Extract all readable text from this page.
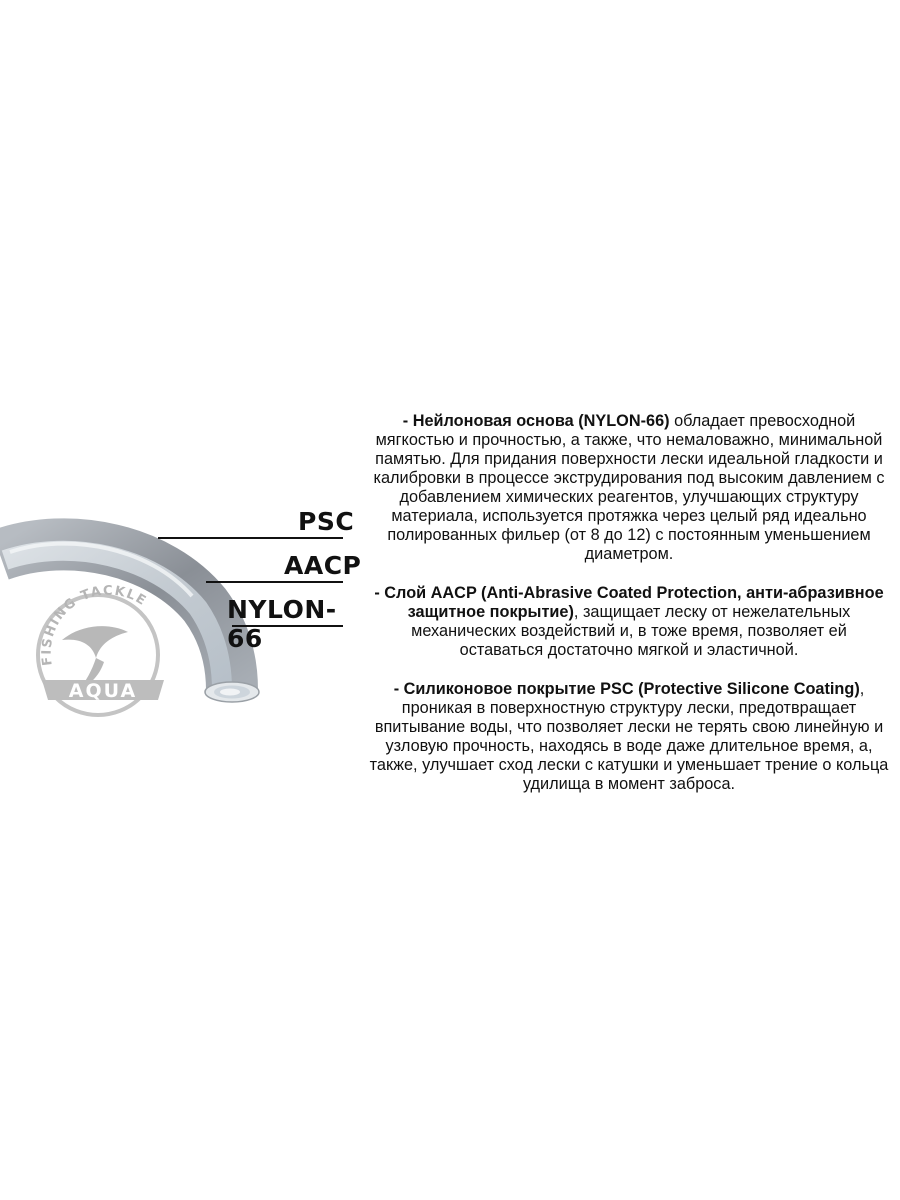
FISHING TACKLE
AQUA
PSC
AACP
NYLON-66

- Нейлоновая основа (NYLON-66) обладает превосходной мягкостью и прочностью, а также, что немаловажно, минимальной памятью. Для придания поверхности лески идеальной гладкости и калибровки в процессе экструдирования под высоким давлением с добавлением химических реагентов, улучшающих структуру материала, используется протяжка через целый ряд идеально полированных фильер (от 8 до 12) с постоянным уменьшением диаметром.

- Слой AACP (Anti-Abrasive Coated Protection, анти-абразивное защитное покрытие), защищает леску от нежелательных механических воздействий и, в тоже время, позволяет ей оставаться достаточно мягкой и эластичной.

- Силиконовое покрытие PSC (Protective Silicone Coating), проникая в поверхностную структуру лески, предотвращает впитывание воды, что позволяет лески не терять свою линейную и узловую прочность, находясь в воде даже длительное время, а, также, улучшает сход лески с катушки и уменьшает трение о кольца удилища в момент заброса.
